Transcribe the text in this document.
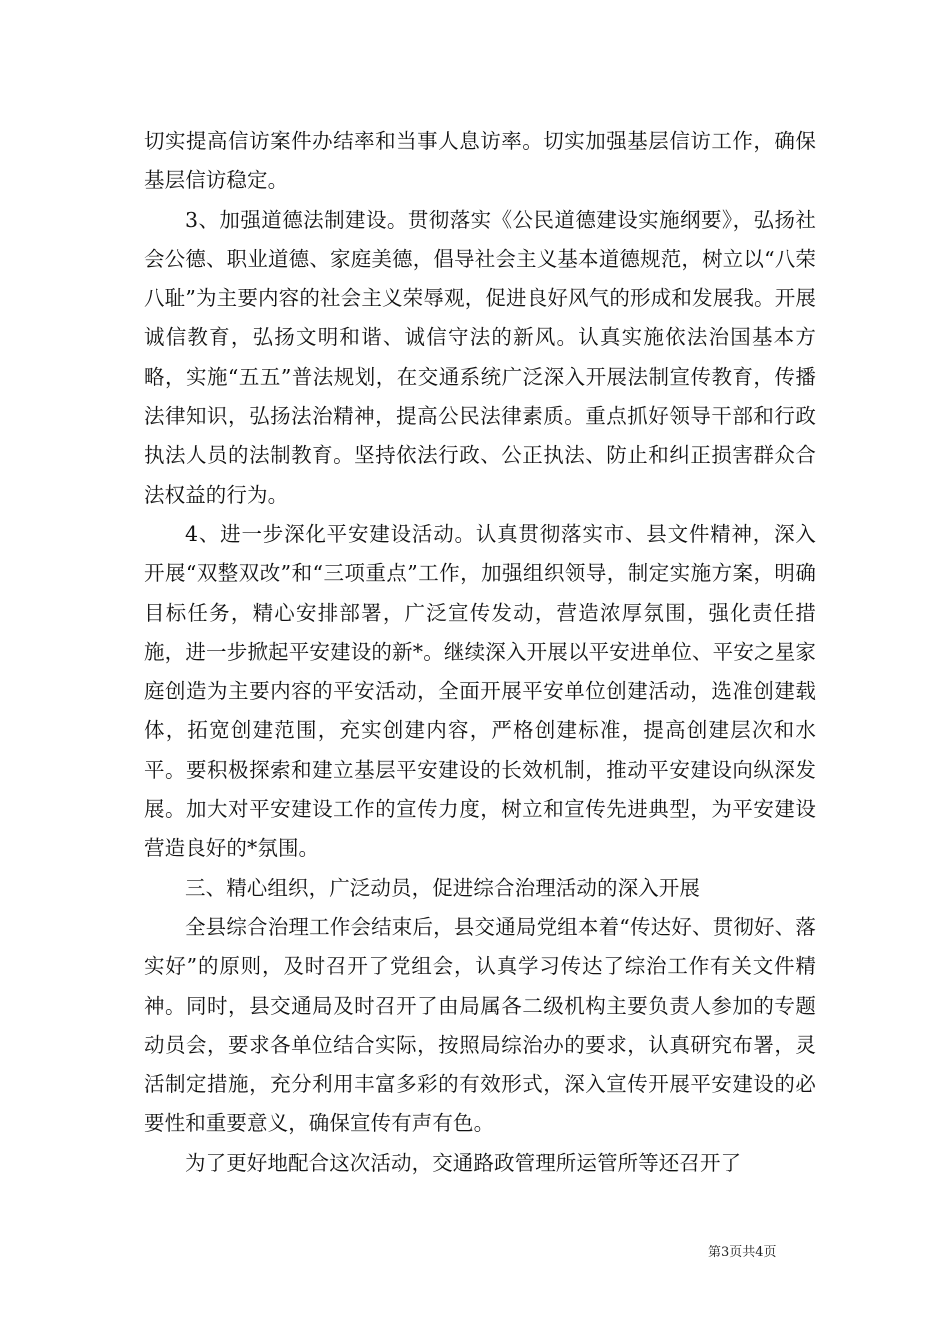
切实提高信访案件办结率和当事人息访率。切实加强基层信访工作，确保基层信访稳定。

3、加强道德法制建设。贯彻落实《公民道德建设实施纲要》，弘扬社会公德、职业道德、家庭美德，倡导社会主义基本道德规范，树立以“八荣八耻”为主要内容的社会主义荣辱观，促进良好风气的形成和发展我。开展诚信教育，弘扬文明和谐、诚信守法的新风。认真实施依法治国基本方略，实施“五五”普法规划，在交通系统广泛深入开展法制宣传教育，传播法律知识，弘扬法治精神，提高公民法律素质。重点抓好领导干部和行政执法人员的法制教育。坚持依法行政、公正执法、防止和纠正损害群众合法权益的行为。

4、进一步深化平安建设活动。认真贯彻落实市、县文件精神，深入开展“双整双改”和“三项重点”工作，加强组织领导，制定实施方案，明确目标任务，精心安排部署，广泛宣传发动，营造浓厚氛围，强化责任措施，进一步掀起平安建设的新*。继续深入开展以平安进单位、平安之星家庭创造为主要内容的平安活动，全面开展平安单位创建活动，选准创建载体，拓宽创建范围，充实创建内容，严格创建标准，提高创建层次和水平。要积极探索和建立基层平安建设的长效机制，推动平安建设向纵深发展。加大对平安建设工作的宣传力度，树立和宣传先进典型，为平安建设营造良好的*氛围。

三、精心组织，广泛动员，促进综合治理活动的深入开展

全县综合治理工作会结束后，县交通局党组本着“传达好、贯彻好、落实好”的原则，及时召开了党组会，认真学习传达了综治工作有关文件精神。同时，县交通局及时召开了由局属各二级机构主要负责人参加的专题动员会，要求各单位结合实际，按照局综治办的要求，认真研究布署，灵活制定措施，充分利用丰富多彩的有效形式，深入宣传开展平安建设的必要性和重要意义，确保宣传有声有色。

为了更好地配合这次活动，交通路政管理所运管所等还召开了

第3页共4页
